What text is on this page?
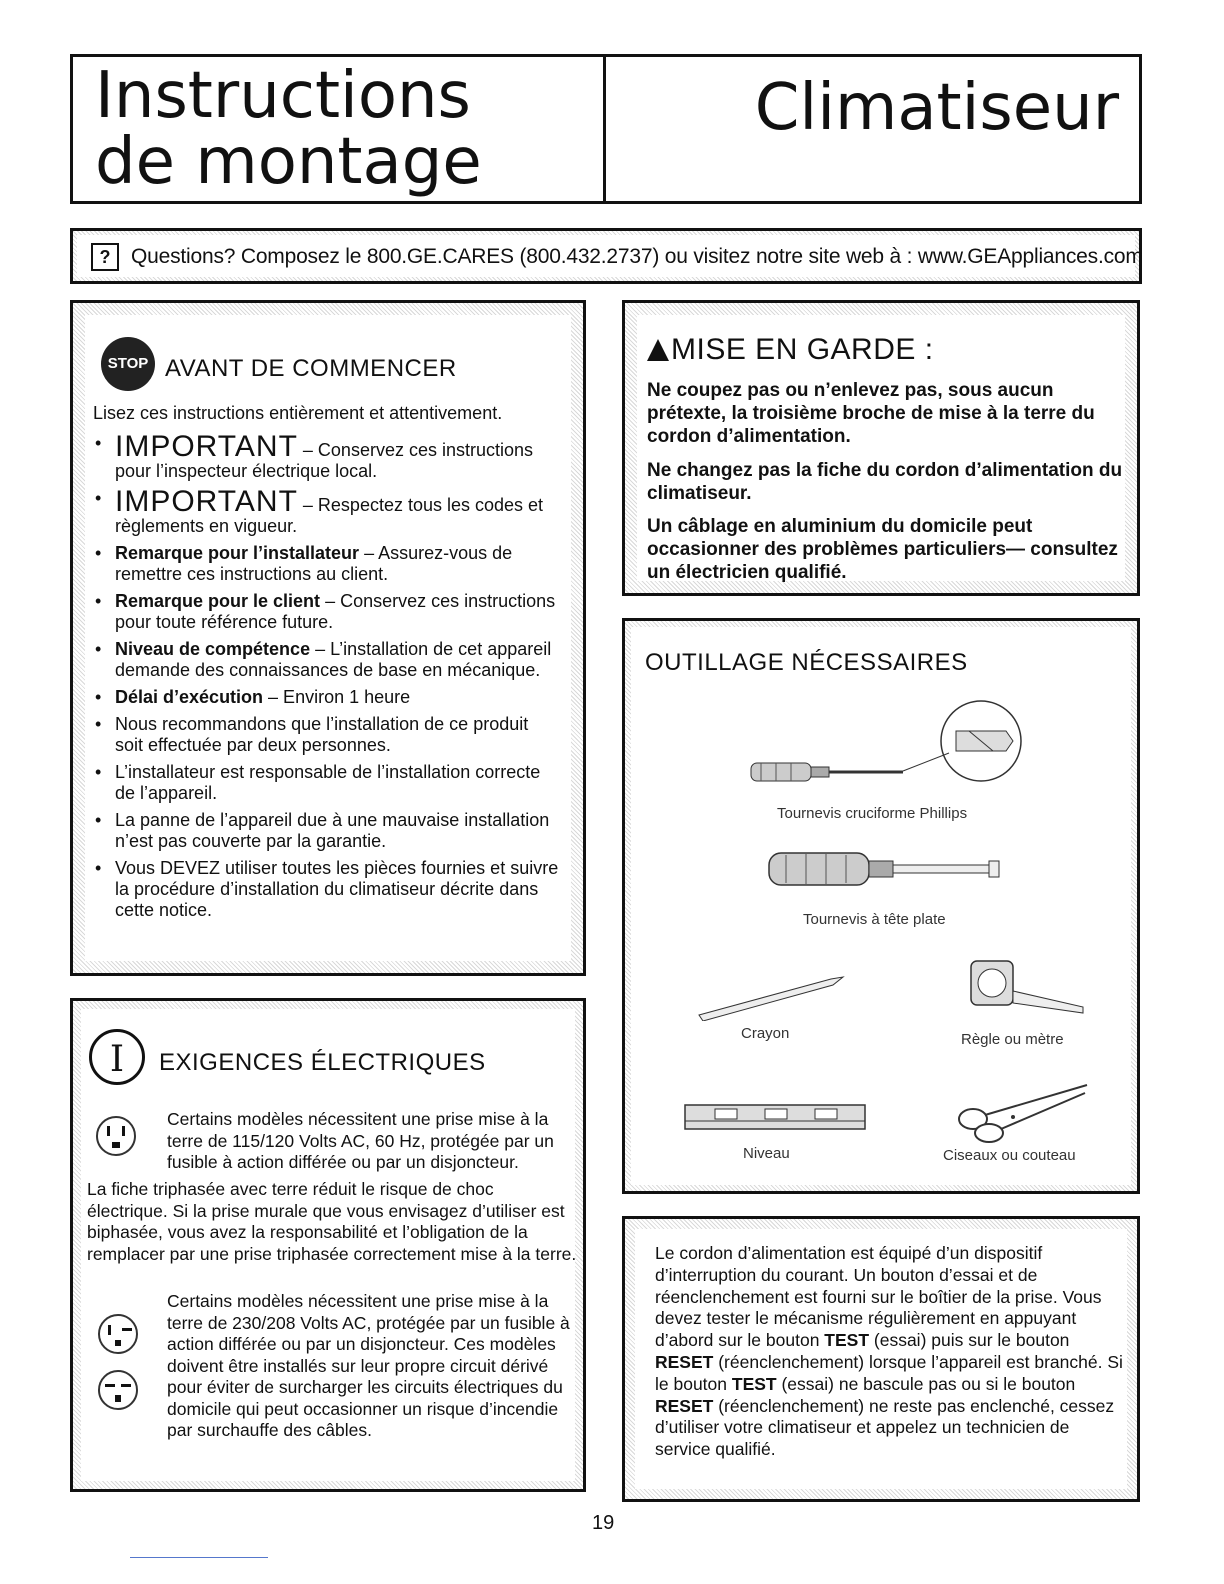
Instructions
de montage
Climatiseur
? Questions? Composez le 800.GE.CARES (800.432.2737) ou visitez notre site web à : www.GEAppliances.com
STOP AVANT DE COMMENCER
Lisez ces instructions entièrement et attentivement.
• IMPORTANT – Conservez ces instructions pour l’inspecteur électrique local.
• IMPORTANT – Respectez tous les codes et règlements en vigueur.
• Remarque pour l’installateur – Assurez-vous de remettre ces instructions au client.
• Remarque pour le client – Conservez ces instructions pour toute référence future.
• Niveau de compétence – L’installation de cet appareil demande des connaissances de base en mécanique.
• Délai d’exécution – Environ 1 heure
• Nous recommandons que l’installation de ce produit soit effectuée par deux personnes.
• L’installateur est responsable de l’installation correcte de l’appareil.
• La panne de l’appareil due à une mauvaise installation n’est pas couverte par la garantie.
• Vous DEVEZ utiliser toutes les pièces fournies et suivre la procédure d’installation du climatiseur décrite dans cette notice.
MISE EN GARDE :
Ne coupez pas ou n’enlevez pas, sous aucun prétexte, la troisième broche de mise à la terre du cordon d’alimentation.
Ne changez pas la fiche du cordon d’alimentation du climatiseur.
Un câblage en aluminium du domicile peut occasionner des problèmes particuliers— consultez un électricien qualifié.
OUTILLAGE NÉCESSAIRES
Tournevis cruciforme Phillips
Tournevis à tête plate
Crayon	Règle ou mètre
Niveau	Ciseaux ou couteau
I	EXIGENCES ÉLECTRIQUES
Certains modèles nécessitent une prise mise à la terre de 115/120 Volts AC, 60 Hz, protégée par un fusible à action différée ou par un disjoncteur.
La fiche triphasée avec terre réduit le risque de choc électrique. Si la prise murale que vous envisagez d’utiliser est biphasée, vous avez la responsabilité et l’obligation de la remplacer par une prise triphasée correctement mise à la terre.
Certains modèles nécessitent une prise mise à la terre de 230/208 Volts AC, protégée par un fusible à action différée ou par un disjoncteur. Ces modèles doivent être installés sur leur propre circuit dérivé pour éviter de surcharger les circuits électriques du domicile qui peut occasionner un risque d’incendie par surchauffe des câbles.
Le cordon d’alimentation est équipé d’un dispositif d’interruption du courant. Un bouton d’essai et de réenclenchement est fourni sur le boîtier de la prise. Vous devez tester le mécanisme régulièrement en appuyant d’abord sur le bouton TEST (essai) puis sur le bouton RESET (réenclenchement) lorsque l’appareil est branché. Si le bouton TEST (essai) ne bascule pas ou si le bouton RESET (réenclenchement) ne reste pas enclenché, cessez d’utiliser votre climatiseur et appelez un technicien de service qualifié.
19
